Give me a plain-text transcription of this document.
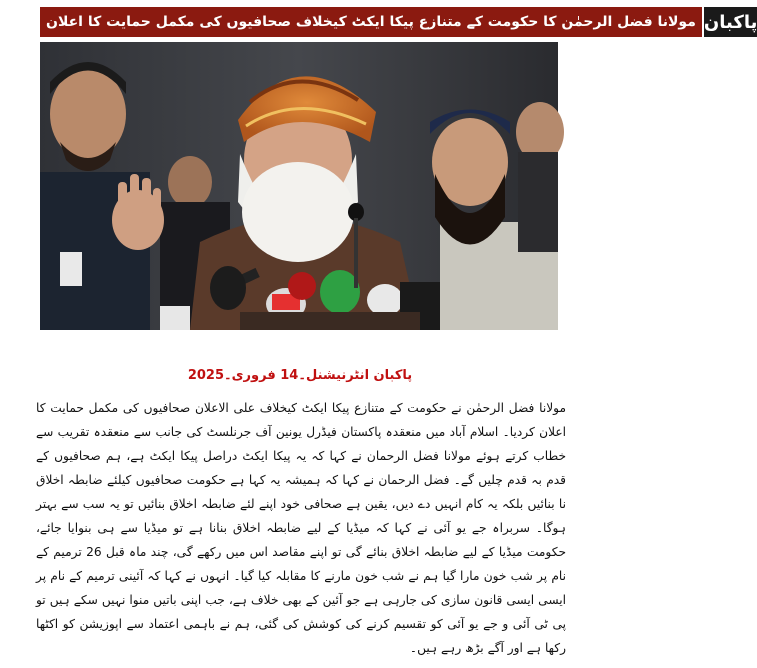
مولانا فضل الرحمٰن کا حکومت کے متنازع پیکا ایکٹ کیخلاف صحافیوں کی مکمل حمایت کا اعلان پاکبان
پاکبان انٹرنیشنل۔14 فروری۔2025

مولانا فضل الرحمٰن نے حکومت کے متنازع پیکا ایکٹ کیخلاف علی الاعلان صحافیوں کی مکمل حمایت کا اعلان کردیا۔ اسلام آباد میں منعقدہ پاکستان فیڈرل یونین آف جرنلسٹ کی جانب سے منعقدہ تقریب سے خطاب کرتے ہوئے مولانا فضل الرحمان نے کہا کہ یہ پیکا ایکٹ دراصل پیکا ایکٹ ہے، ہم صحافیوں کے قدم بہ قدم چلیں گے۔ فضل الرحمان نے کہا کہ ہمیشہ یہ کہا ہے حکومت صحافیوں کیلئے ضابطہ اخلاق نا بنائیں بلکہ یہ کام انہیں دے دیں، یقین ہے صحافی خود اپنے لئے ضابطہ اخلاق بنائیں تو یہ سب سے بہتر ہوگا۔ سربراہ جے یو آئی نے کہا کہ میڈیا کے لیے ضابطہ اخلاق بنانا ہے تو میڈیا سے ہی بنوایا جائے، حکومت میڈیا کے لیے ضابطہ اخلاق بنائے گی تو اپنے مقاصد اس میں رکھے گی، چند ماہ قبل 26 ترمیم کے نام پر شب خون مارا گیا ہم نے شب خون مارنے کا مقابلہ کیا گیا۔ انہوں نے کہا کہ آئینی ترمیم کے نام پر ایسی ایسی قانون سازی کی جارہی ہے جو آئین کے بھی خلاف ہے، جب اپنی باتیں منوا نہیں سکے ہیں تو پی ٹی آئی و جے یو آئی کو تقسیم کرنے کی کوشش کی گئی، ہم نے باہمی اعتماد سے اپوزیشن کو اکٹھا رکھا ہے اور آگے بڑھ رہے ہیں۔
